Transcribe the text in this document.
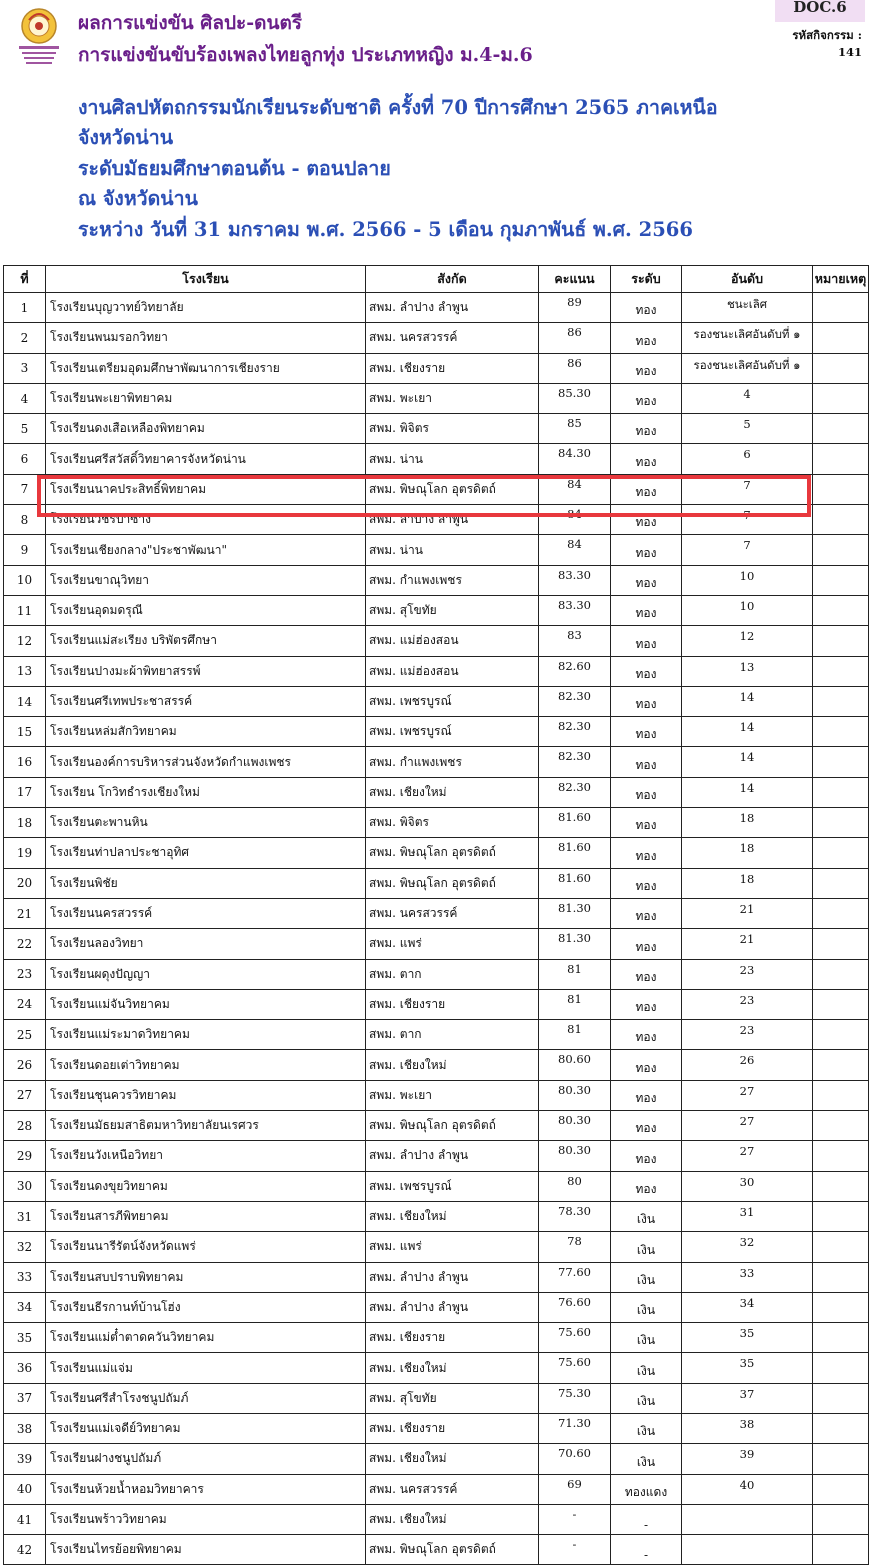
ผลการแข่งขัน ศิลปะ-ดนตรี
การแข่งขันขับร้องเพลงไทยลูกทุ่ง ประเภทหญิง ม.4-ม.6
DOC.6
รหัสกิจกรรม :
141
งานศิลปหัตถกรรมนักเรียนระดับชาติ ครั้งที่ 70 ปีการศึกษา 2565 ภาคเหนือ
จังหวัดน่าน
ระดับมัธยมศึกษาตอนต้น - ตอนปลาย
ณ จังหวัดน่าน
ระหว่าง วันที่ 31 มกราคม พ.ศ. 2566 - 5 เดือน กุมภาพันธ์ พ.ศ. 2566
ที่	โรงเรียน	สังกัด	คะแนน	ระดับ	อันดับ	หมายเหตุ
1	โรงเรียนบุญวาทย์วิทยาลัย	สพม. ลำปาง ลำพูน	89	ทอง	ชนะเลิศ	
2	โรงเรียนพนมรอกวิทยา	สพม. นครสวรรค์	86	ทอง	รองชนะเลิศอันดับที่ ๑	
3	โรงเรียนเตรียมอุดมศึกษาพัฒนาการเชียงราย	สพม. เชียงราย	86	ทอง	รองชนะเลิศอันดับที่ ๑	
4	โรงเรียนพะเยาพิทยาคม	สพม. พะเยา	85.30	ทอง	4	
5	โรงเรียนดงเสือเหลืองพิทยาคม	สพม. พิจิตร	85	ทอง	5	
6	โรงเรียนศรีสวัสดิ์วิทยาคารจังหวัดน่าน	สพม. น่าน	84.30	ทอง	6	
7	โรงเรียนนาคประสิทธิ์พิทยาคม	สพม. พิษณุโลก อุตรดิตถ์	84	ทอง	7	
8	โรงเรียนวชิรป่าซาง	สพม. ลำปาง ลำพูน	84	ทอง	7	
9	โรงเรียนเชียงกลาง"ประชาพัฒนา"	สพม. น่าน	84	ทอง	7	
10	โรงเรียนขาณุวิทยา	สพม. กำแพงเพชร	83.30	ทอง	10	
11	โรงเรียนอุดมดรุณี	สพม. สุโขทัย	83.30	ทอง	10	
12	โรงเรียนแม่สะเรียง บริพัตรศึกษา	สพม. แม่ฮ่องสอน	83	ทอง	12	
13	โรงเรียนปางมะผ้าพิทยาสรรพ์	สพม. แม่ฮ่องสอน	82.60	ทอง	13	
14	โรงเรียนศรีเทพประชาสรรค์	สพม. เพชรบูรณ์	82.30	ทอง	14	
15	โรงเรียนหล่มสักวิทยาคม	สพม. เพชรบูรณ์	82.30	ทอง	14	
16	โรงเรียนองค์การบริหารส่วนจังหวัดกำแพงเพชร	สพม. กำแพงเพชร	82.30	ทอง	14	
17	โรงเรียน โกวิทธำรงเชียงใหม่	สพม. เชียงใหม่	82.30	ทอง	14	
18	โรงเรียนตะพานหิน	สพม. พิจิตร	81.60	ทอง	18	
19	โรงเรียนท่าปลาประชาอุทิศ	สพม. พิษณุโลก อุตรดิตถ์	81.60	ทอง	18	
20	โรงเรียนพิชัย	สพม. พิษณุโลก อุตรดิตถ์	81.60	ทอง	18	
21	โรงเรียนนครสวรรค์	สพม. นครสวรรค์	81.30	ทอง	21	
22	โรงเรียนลองวิทยา	สพม. แพร่	81.30	ทอง	21	
23	โรงเรียนผดุงปัญญา	สพม. ตาก	81	ทอง	23	
24	โรงเรียนแม่จันวิทยาคม	สพม. เชียงราย	81	ทอง	23	
25	โรงเรียนแม่ระมาดวิทยาคม	สพม. ตาก	81	ทอง	23	
26	โรงเรียนดอยเต่าวิทยาคม	สพม. เชียงใหม่	80.60	ทอง	26	
27	โรงเรียนชุนควรวิทยาคม	สพม. พะเยา	80.30	ทอง	27	
28	โรงเรียนมัธยมสาธิตมหาวิทยาลัยนเรศวร	สพม. พิษณุโลก อุตรดิตถ์	80.30	ทอง	27	
29	โรงเรียนวังเหนือวิทยา	สพม. ลำปาง ลำพูน	80.30	ทอง	27	
30	โรงเรียนดงขุยวิทยาคม	สพม. เพชรบูรณ์	80	ทอง	30	
31	โรงเรียนสารภีพิทยาคม	สพม. เชียงใหม่	78.30	เงิน	31	
32	โรงเรียนนารีรัตน์จังหวัดแพร่	สพม. แพร่	78	เงิน	32	
33	โรงเรียนสบปราบพิทยาคม	สพม. ลำปาง ลำพูน	77.60	เงิน	33	
34	โรงเรียนธีรกานท์บ้านโฮ่ง	สพม. ลำปาง ลำพูน	76.60	เงิน	34	
35	โรงเรียนแม่ต๋ำตาดควันวิทยาคม	สพม. เชียงราย	75.60	เงิน	35	
36	โรงเรียนแม่แจ่ม	สพม. เชียงใหม่	75.60	เงิน	35	
37	โรงเรียนศรีสำโรงชนูปถัมภ์	สพม. สุโขทัย	75.30	เงิน	37	
38	โรงเรียนแม่เจดีย์วิทยาคม	สพม. เชียงราย	71.30	เงิน	38	
39	โรงเรียนฝางชนูปถัมภ์	สพม. เชียงใหม่	70.60	เงิน	39	
40	โรงเรียนห้วยน้ำหอมวิทยาคาร	สพม. นครสวรรค์	69	ทองแดง	40	
41	โรงเรียนพร้าววิทยาคม	สพม. เชียงใหม่	-	-		
42	โรงเรียนไทรย้อยพิทยาคม	สพม. พิษณุโลก อุตรดิตถ์	-	-		
